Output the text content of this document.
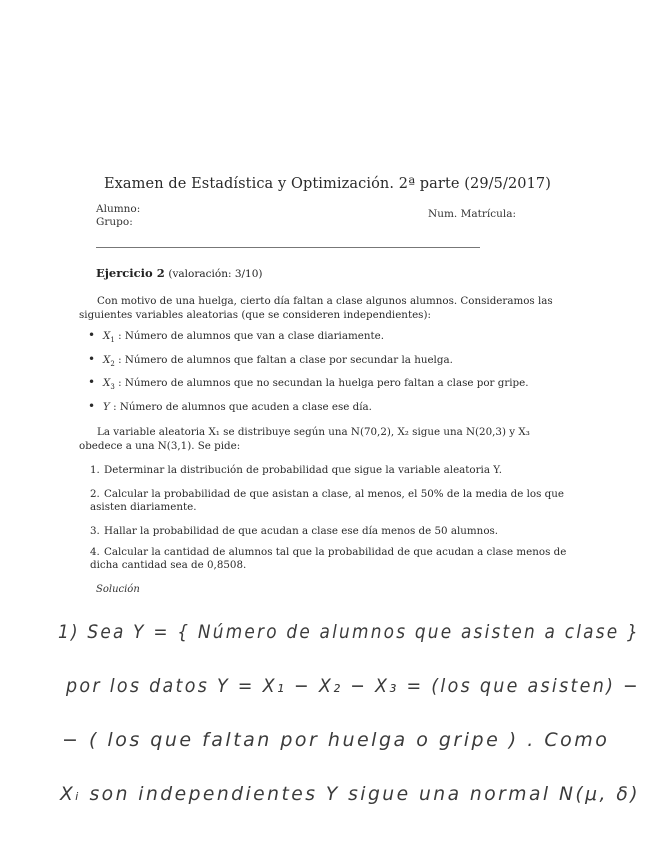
Examen de Estadística y Optimización. 2ª parte (29/5/2017)
Alumno:
Grupo:
Num. Matrícula:
Ejercicio 2 (valoración: 3/10)
Con motivo de una huelga, cierto día faltan a clase algunos alumnos. Consideramos las siguientes variables aleatorias (que se consideren independientes):
• $X_1$ : Número de alumnos que van a clase diariamente.
• $X_2$ : Número de alumnos que faltan a clase por secundar la huelga.
• $X_3$ : Número de alumnos que no secundan la huelga pero faltan a clase por gripe.
• Y : Número de alumnos que acuden a clase ese día.
La variable aleatoria X₁ se distribuye según una N(70,2), X₂ sigue una N(20,3) y X₃ obedece a una N(3,1). Se pide:
1. Determinar la distribución de probabilidad que sigue la variable aleatoria Y.
2. Calcular la probabilidad de que asistan a clase, al menos, el 50% de la media de los que asisten diariamente.
3. Hallar la probabilidad de que acudan a clase ese día menos de 50 alumnos.
4. Calcular la cantidad de alumnos tal que la probabilidad de que acudan a clase menos de dicha cantidad sea de 0,8508.
Solución
1) Sea Y = { Número de alumnos que asisten a clase }
por los datos Y = X₁ − X₂ − X₃ = (los que asisten) −
− ( los que faltan por huelga o gripe ) . Como
Xᵢ son independientes Y sigue una normal N(μ, δ)
